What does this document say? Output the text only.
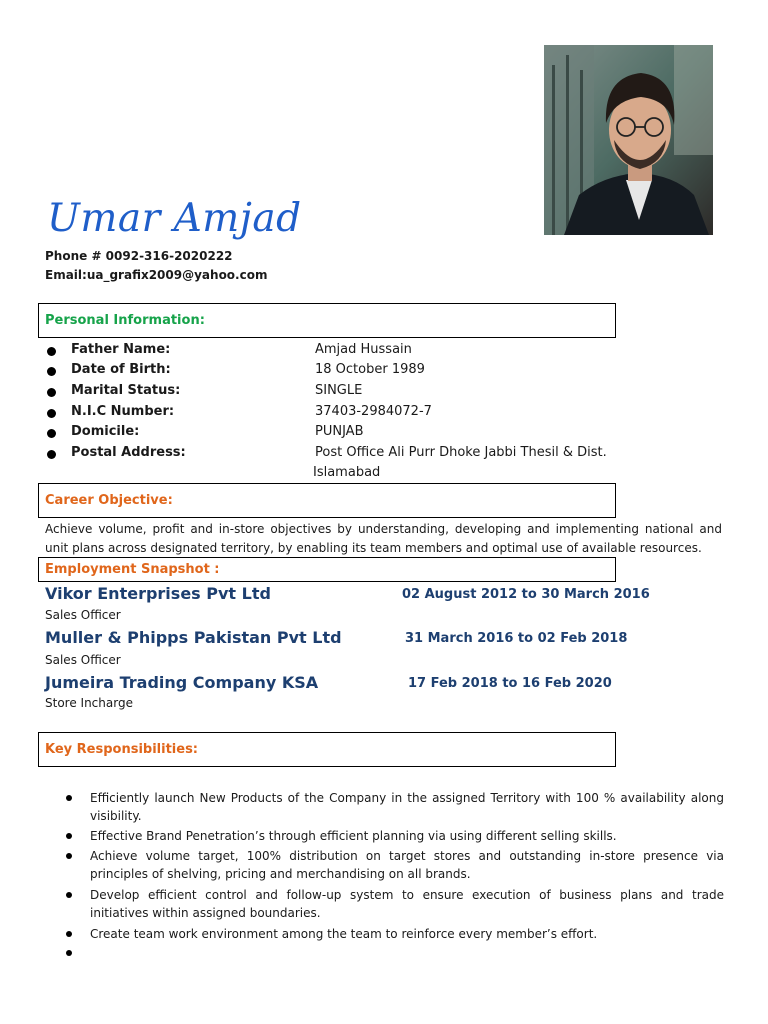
Umar Amjad
Phone # 0092-316-2020222
Email:ua_grafix2009@yahoo.com
Personal Information:
Father Name:	Amjad Hussain
Date of Birth:	18 October 1989
Marital Status:	SINGLE
N.I.C Number:	37403-2984072-7
Domicile:	PUNJAB
Postal Address:	Post Office Ali Purr Dhoke Jabbi Thesil & Dist.
Islamabad
Career Objective:
Achieve volume, profit and in-store objectives by understanding, developing and implementing national and unit plans across designated territory, by enabling its team members and optimal use of available resources.
Employment Snapshot :
Vikor Enterprises Pvt Ltd	02 August 2012 to 30 March 2016
Sales Officer
Muller & Phipps Pakistan Pvt Ltd	31 March 2016 to 02 Feb 2018
Sales Officer
Jumeira Trading Company KSA	17 Feb 2018 to 16 Feb 2020
Store Incharge
Key Responsibilities:
Efficiently launch New Products of the Company in the assigned Territory with 100 % availability along visibility.
Effective Brand Penetration’s through efficient planning via using different selling skills.
Achieve volume target, 100% distribution on target stores and outstanding in-store presence via principles of shelving, pricing and merchandising on all brands.
Develop efficient control and follow-up system to ensure execution of business plans and trade initiatives within assigned boundaries.
Create team work environment among the team to reinforce every member’s effort.
